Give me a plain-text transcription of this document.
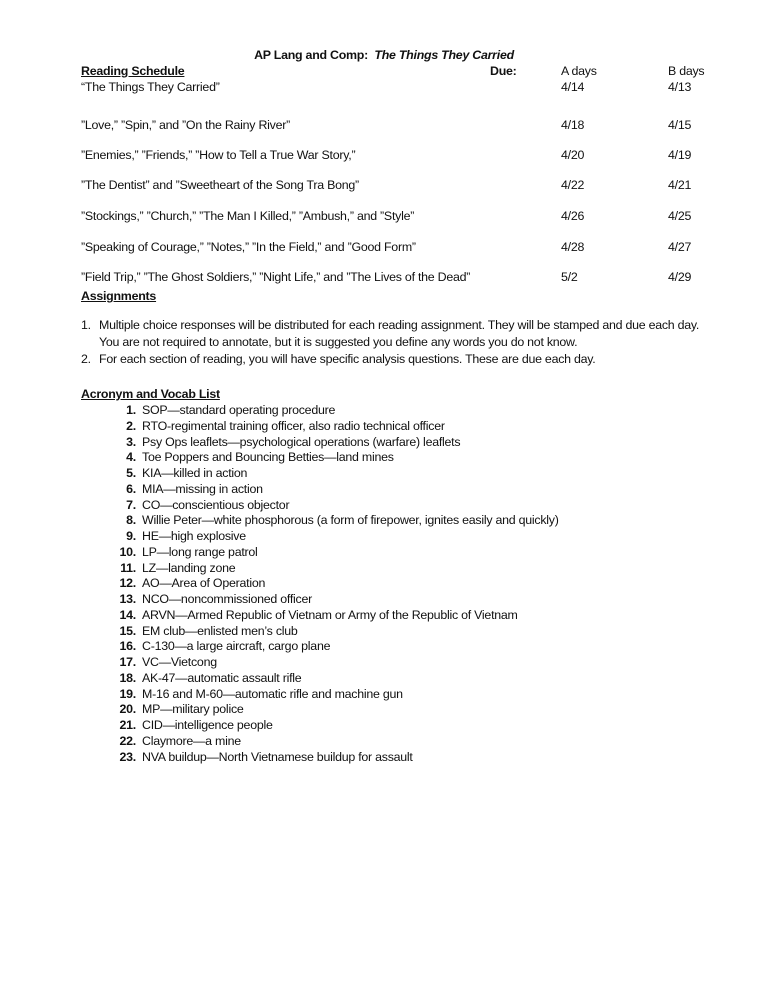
AP Lang and Comp: The Things They Carried
Reading Schedule	Due:	A days	B days
“The Things They Carried”	4/14	4/13
”Love,” ”Spin,” and ”On the Rainy River”	4/18	4/15
”Enemies,” ”Friends,” ”How to Tell a True War Story,”	4/20	4/19
”The Dentist” and ”Sweetheart of the Song Tra Bong”	4/22	4/21
”Stockings,” ”Church,” ”The Man I Killed,” ”Ambush,” and ”Style”	4/26	4/25
”Speaking of Courage,” ”Notes,” ”In the Field,” and ”Good Form”	4/28	4/27
”Field Trip,” ”The Ghost Soldiers,” ”Night Life,” and ”The Lives of the Dead”	5/2	4/29
Assignments
1. Multiple choice responses will be distributed for each reading assignment. They will be stamped and due each day. You are not required to annotate, but it is suggested you define any words you do not know.
2. For each section of reading, you will have specific analysis questions. These are due each day.
Acronym and Vocab List
1. SOP—standard operating procedure
2. RTO-regimental training officer, also radio technical officer
3. Psy Ops leaflets—psychological operations (warfare) leaflets
4. Toe Poppers and Bouncing Betties—land mines
5. KIA—killed in action
6. MIA—missing in action
7. CO—conscientious objector
8. Willie Peter—white phosphorous (a form of firepower, ignites easily and quickly)
9. HE—high explosive
10. LP—long range patrol
11. LZ—landing zone
12. AO—Area of Operation
13. NCO—noncommissioned officer
14. ARVN—Armed Republic of Vietnam or Army of the Republic of Vietnam
15. EM club—enlisted men’s club
16. C-130—a large aircraft, cargo plane
17. VC—Vietcong
18. AK-47—automatic assault rifle
19. M-16 and M-60—automatic rifle and machine gun
20. MP—military police
21. CID—intelligence people
22. Claymore—a mine
23. NVA buildup—North Vietnamese buildup for assault
